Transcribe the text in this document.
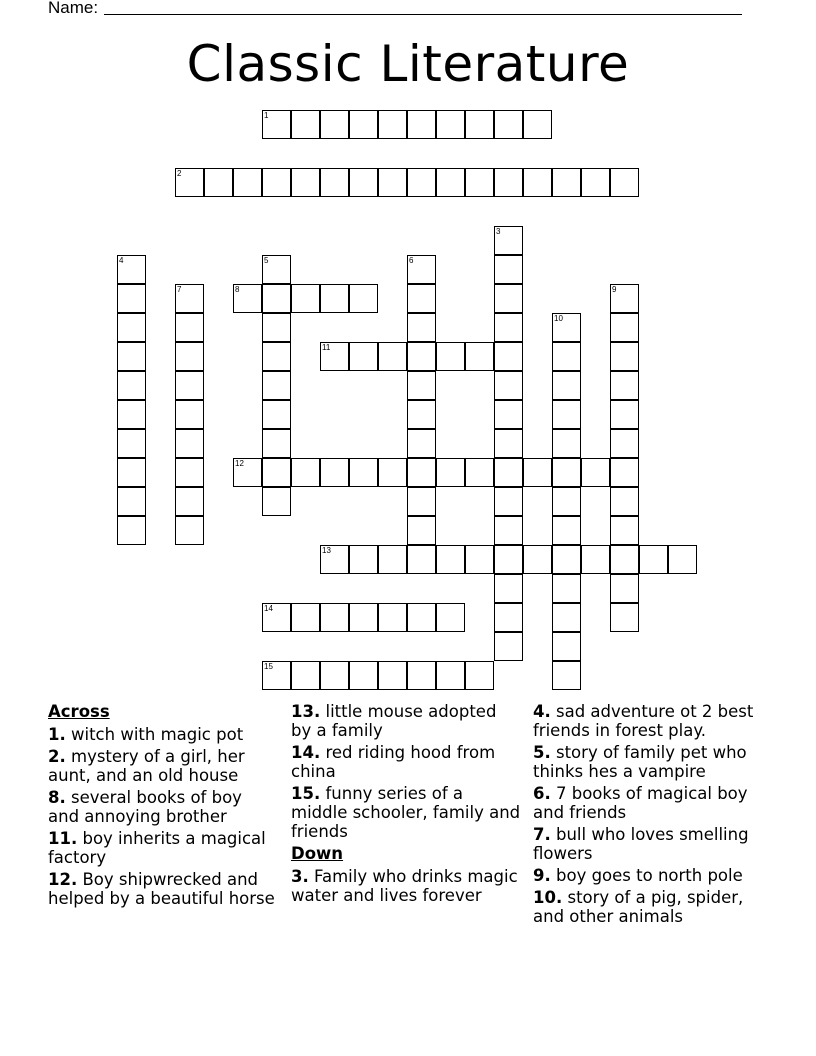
Name:
Classic Literature
1
2
3
4	5	6
7	8	9
10
11
12
13
14
15
Across
1. witch with magic pot
2. mystery of a girl, her aunt, and an old house
8. several books of boy and annoying brother
11. boy inherits a magical factory
12. Boy shipwrecked and helped by a beautiful horse
13. little mouse adopted by a family
14. red riding hood from china
15. funny series of a middle schooler, family and friends
Down
3. Family who drinks magic water and lives forever
4. sad adventure ot 2 best friends in forest play.
5. story of family pet who thinks hes a vampire
6. 7 books of magical boy and friends
7. bull who loves smelling flowers
9. boy goes to north pole
10. story of a pig, spider, and other animals
